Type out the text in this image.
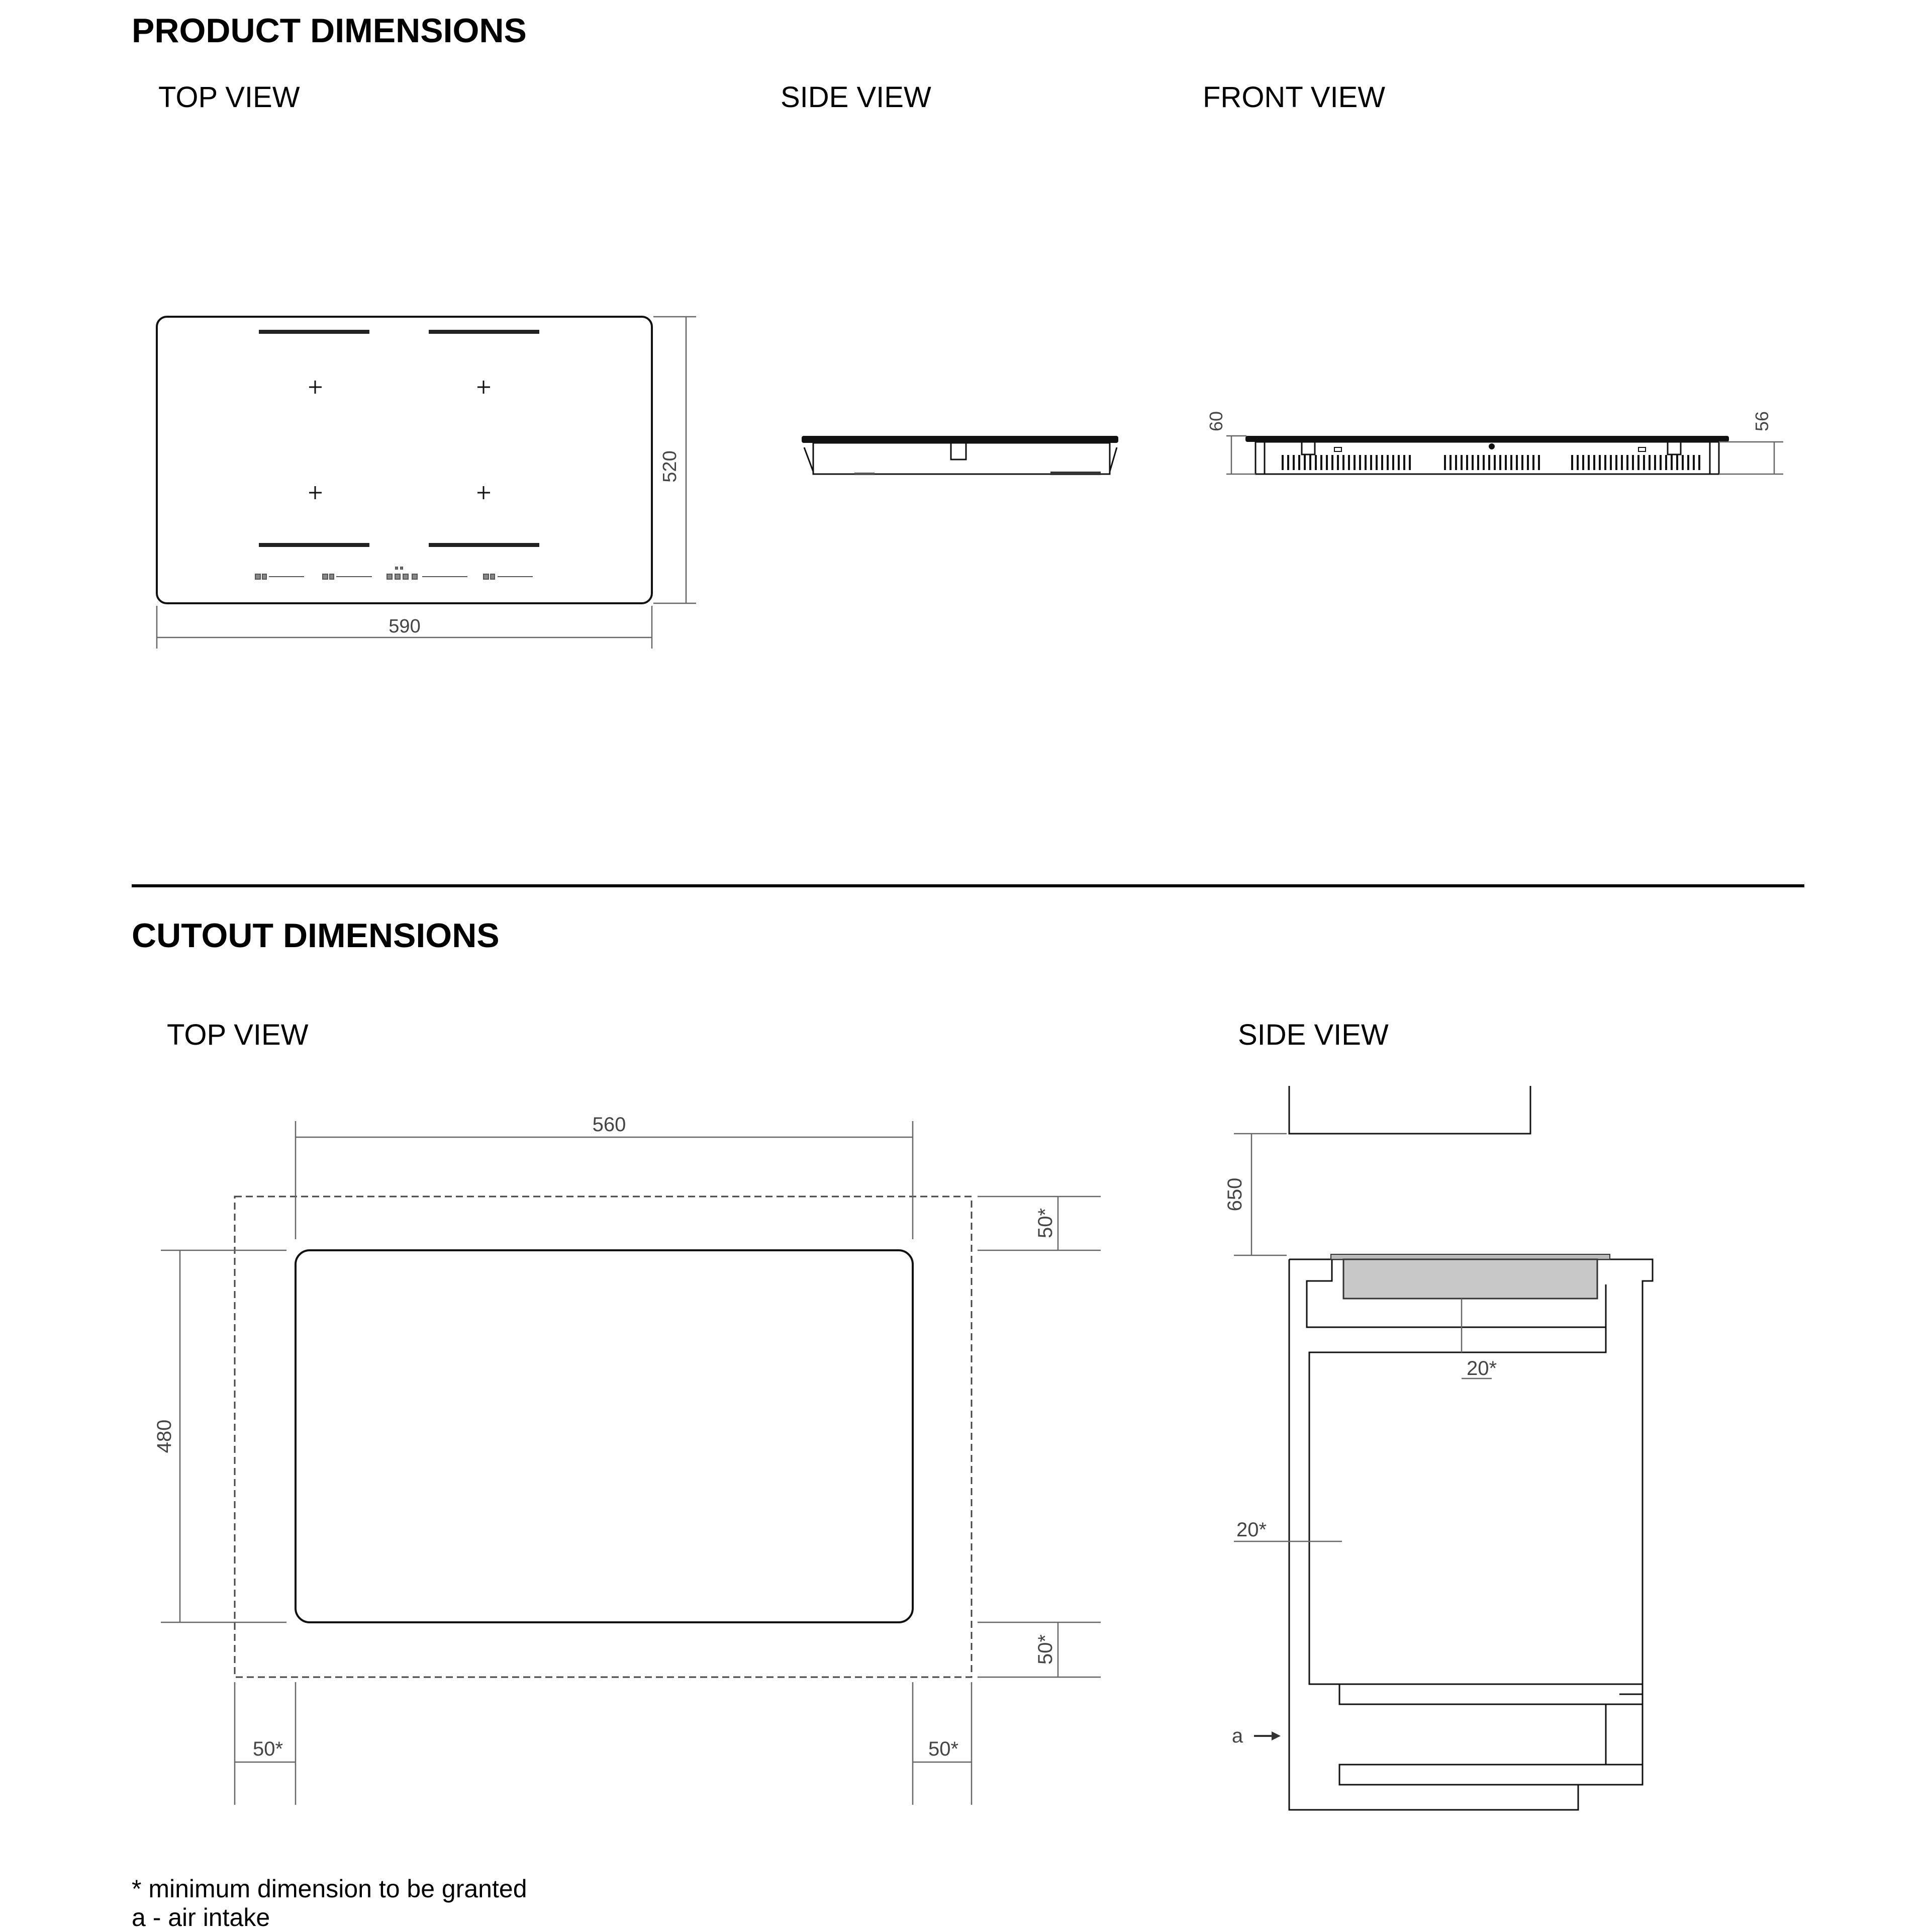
590
520
60	56
560
480
50*
50*
50*	50*
650
20*
20*
a
PRODUCT DIMENSIONS
TOP VIEW	SIDE VIEW	FRONT VIEW
CUTOUT DIMENSIONS
TOP VIEW	SIDE VIEW
* minimum dimension to be granted
a - air intake
